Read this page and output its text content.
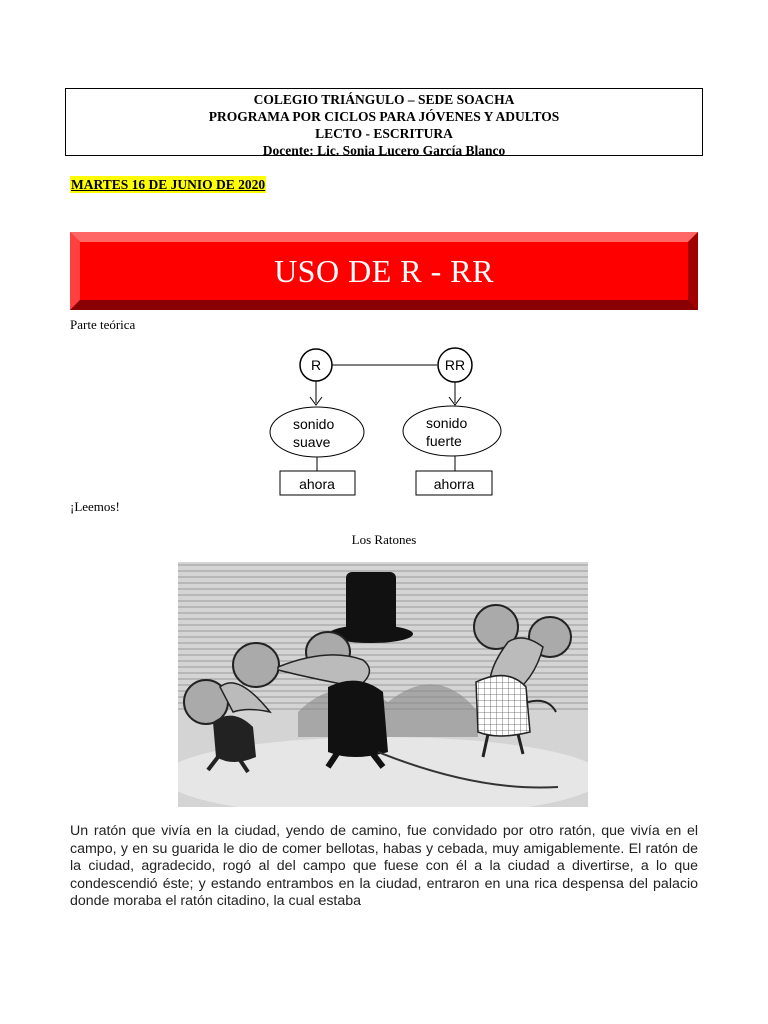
COLEGIO TRIÁNGULO – SEDE SOACHA
PROGRAMA POR CICLOS PARA JÓVENES Y ADULTOS
LECTO - ESCRITURA
Docente: Lic. Sonia Lucero García Blanco
MARTES 16 DE JUNIO DE 2020
USO DE R - RR
Parte teórica
R	RR
sonido
suave
sonido
fuerte
ahora	ahorra
¡Leemos!
Los Ratones
Un ratón que vivía en la ciudad, yendo de camino, fue convidado por otro ratón, que vivía en el campo, y en su guarida le dio de comer bellotas, habas y cebada, muy amigablemente. El ratón de la ciudad, agradecido, rogó al del campo que fuese con él a la ciudad a divertirse, a lo que condescendió éste; y estando entrambos en la ciudad, entraron en una rica despensa del palacio donde moraba el ratón citadino, la cual estaba
